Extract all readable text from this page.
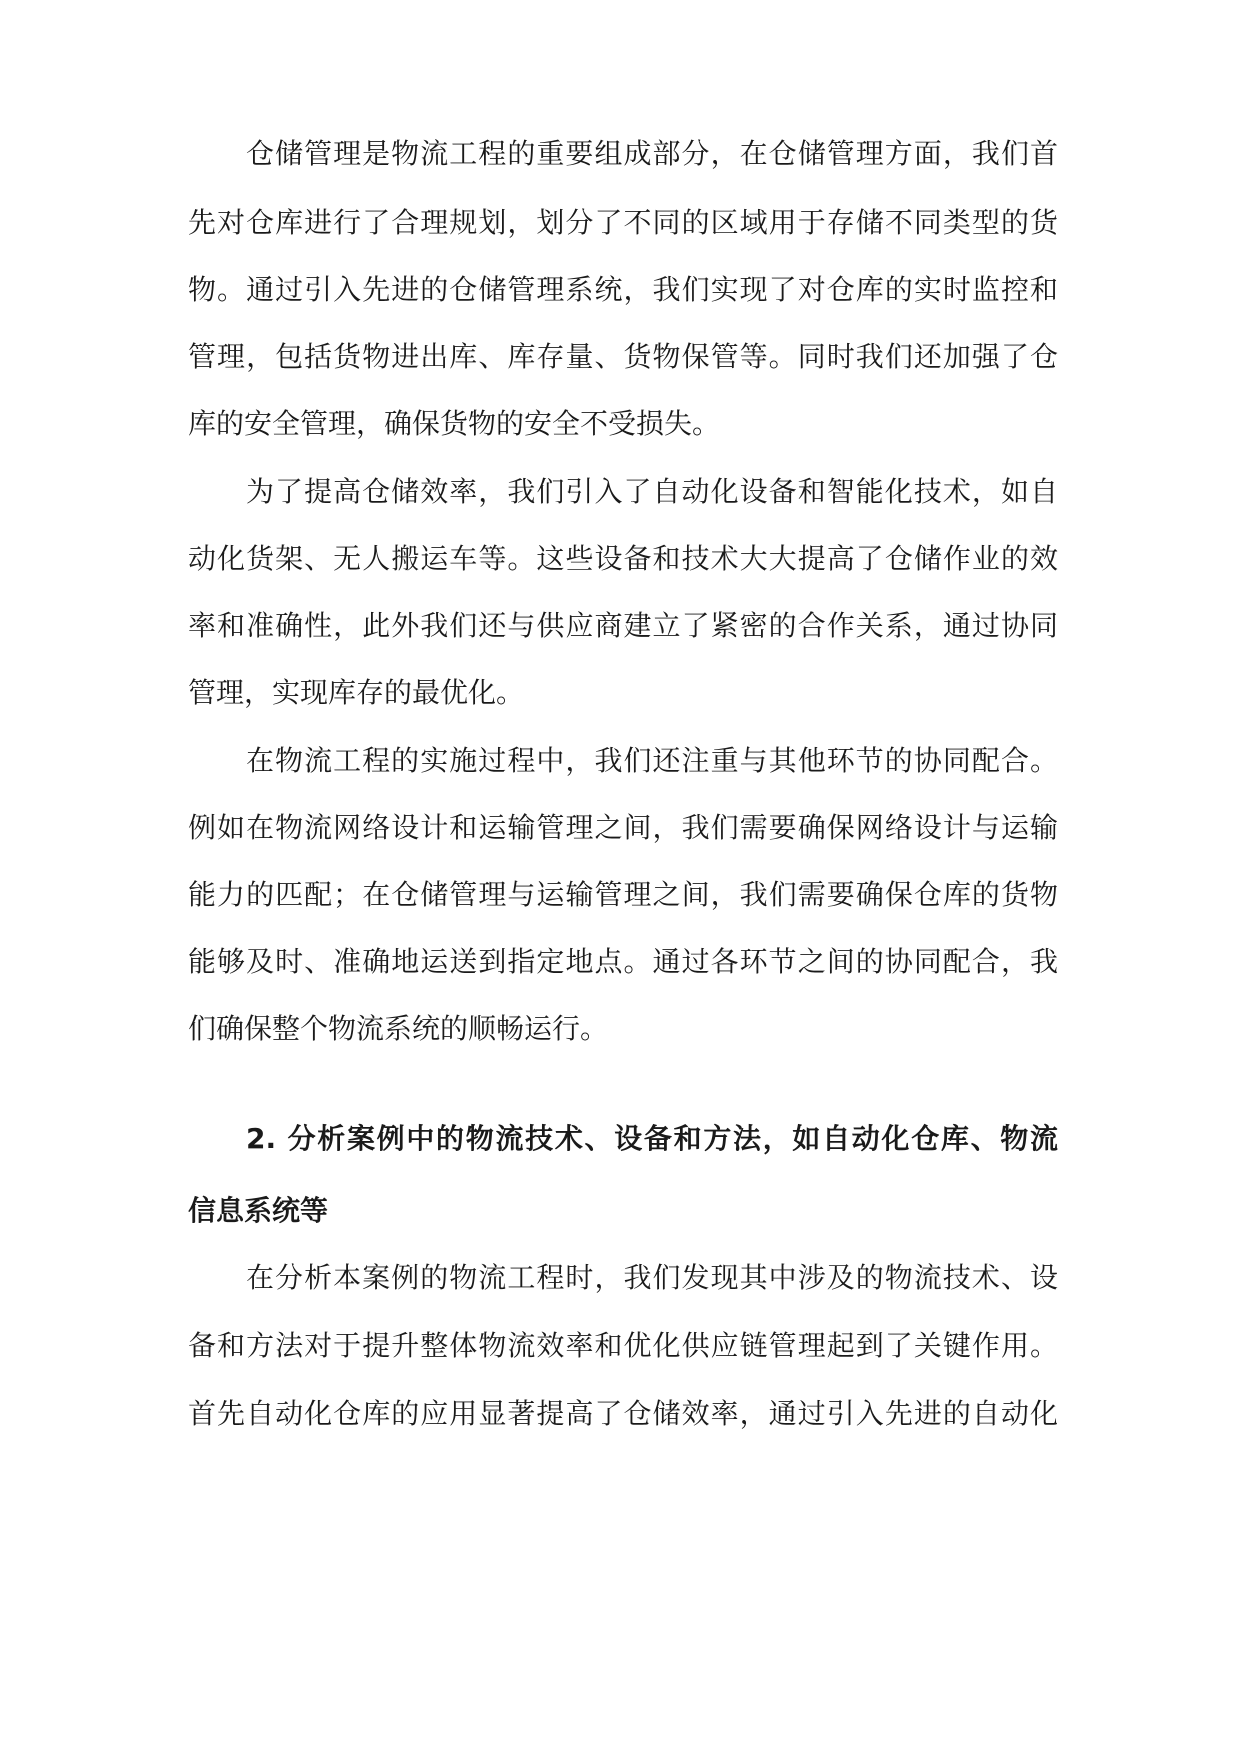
仓储管理是物流工程的重要组成部分，在仓储管理方面，我们首
先对仓库进行了合理规划，划分了不同的区域用于存储不同类型的货
物。通过引入先进的仓储管理系统，我们实现了对仓库的实时监控和
管理，包括货物进出库、库存量、货物保管等。同时我们还加强了仓
库的安全管理，确保货物的安全不受损失。
为了提高仓储效率，我们引入了自动化设备和智能化技术，如自
动化货架、无人搬运车等。这些设备和技术大大提高了仓储作业的效
率和准确性，此外我们还与供应商建立了紧密的合作关系，通过协同
管理，实现库存的最优化。
在物流工程的实施过程中，我们还注重与其他环节的协同配合。
例如在物流网络设计和运输管理之间，我们需要确保网络设计与运输
能力的匹配；在仓储管理与运输管理之间，我们需要确保仓库的货物
能够及时、准确地运送到指定地点。通过各环节之间的协同配合，我
们确保整个物流系统的顺畅运行。
2. 分析案例中的物流技术、设备和方法，如自动化仓库、物流
信息系统等
在分析本案例的物流工程时，我们发现其中涉及的物流技术、设
备和方法对于提升整体物流效率和优化供应链管理起到了关键作用。
首先自动化仓库的应用显著提高了仓储效率，通过引入先进的自动化
